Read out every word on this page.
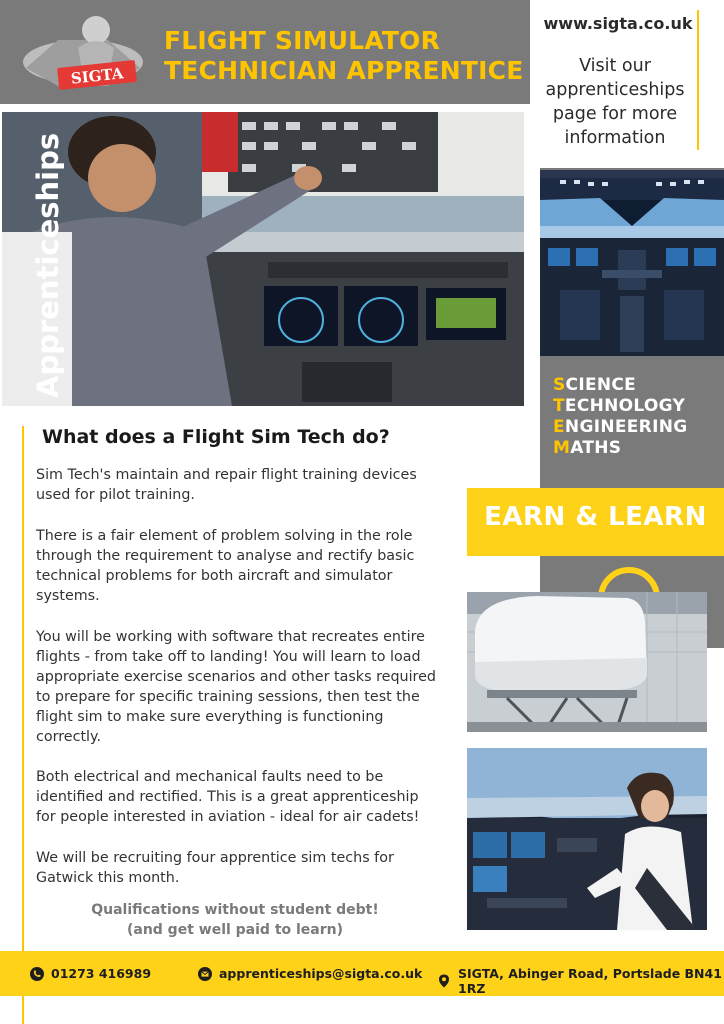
SIGTA
FLIGHT SIMULATOR
TECHNICIAN APPRENTICE
www.sigta.co.uk
Visit our apprenticeships page for more information
SCIENCE
TECHNOLOGY
ENGINEERING
MATHS
EARN & LEARN
Apprenticeships
What does a Flight Sim Tech do?
Sim Tech's maintain and repair flight training devices used for pilot training.
There is a fair element of problem solving in the role through the requirement to analyse and rectify basic technical problems for both aircraft and simulator systems.
You will be working with software that recreates entire flights - from take off to landing! You will learn to load appropriate exercise scenarios and other tasks required to prepare for specific training sessions, then test the flight sim to make sure everything is functioning correctly.
Both electrical and mechanical faults need to be identified and rectified. This is a great apprenticeship for people interested in aviation - ideal for air cadets!
We will be recruiting four apprentice sim techs for Gatwick this month.
Qualifications without student debt!
(and get well paid to learn)
01273 416989	apprenticeships@sigta.co.uk	SIGTA, Abinger Road, Portslade BN41 1RZ
